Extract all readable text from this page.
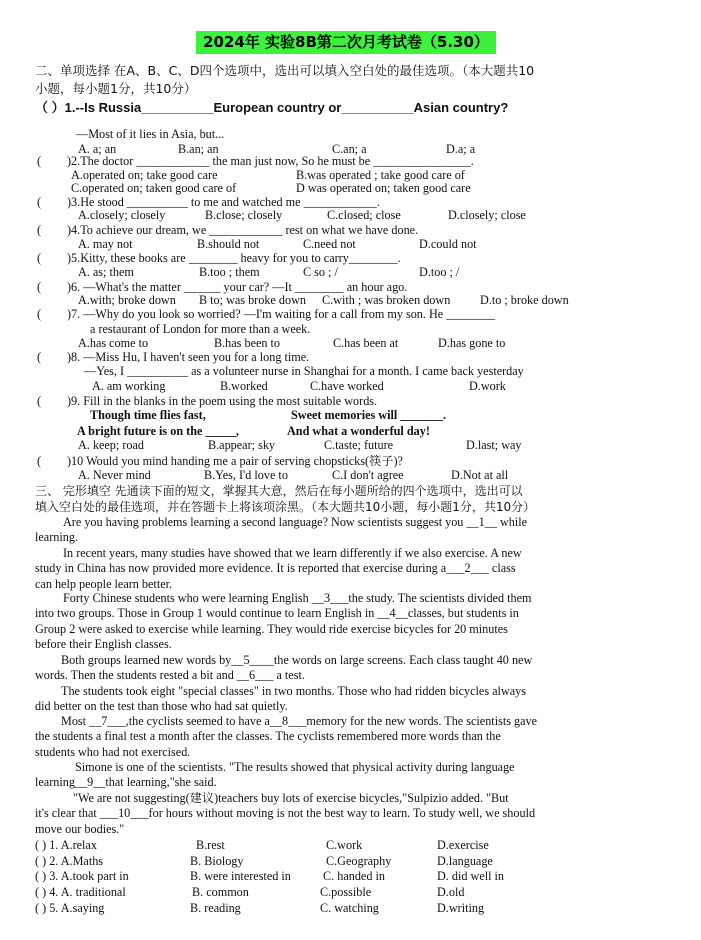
2024年 实验8B第二次月考试卷（5.30）
二、单项选择 在A、B、C、D四个选项中，选出可以填入空白处的最佳选项。（本大题共10
小题，每小题1分，共10分）
（ ）1.--Is Russia__________European country or__________Asian country?
—Most of it lies in Asia, but...
A. a; an	B.an; an	C.an; a	D.a; a
( )2.The doctor ____________ the man just now, So he must be ________________.
A.operated on; take good care	B.was operated ; take good care of
C.operated on; taken good care of	D was operated on; taken good care
( )3.He stood __________ to me and watched me ____________.
A.closely; closely	B.close; closely	C.closed; close	D.closely; close
( )4.To achieve our dream, we ____________ rest on what we have done.
A. may not	B.should not	C.need not	D.could not
( )5.Kitty, these books are ________ heavy for you to carry________.
A. as; them	B.too ; them	C so ; /	D.too ; /
( )6. —What's the matter ______ your car? —It ________ an hour ago.
A.with; broke down B to; was broke down C.with ; was broken down D.to ; broke down
( )7. —Why do you look so worried? —I'm waiting for a call from my son. He ________
a restaurant of London for more than a week.
A.has come to	B.has been to	C.has been at	D.has gone to
( )8. —Miss Hu, I haven't seen you for a long time.
—Yes, I __________ as a volunteer nurse in Shanghai for a month. I came back yesterday
A. am working	B.worked	C.have worked	D.work
( )9. Fill in the blanks in the poem using the most suitable words.
Though time flies fast,	Sweet memories will _______.
A bright future is on the _____,	And what a wonderful day!
A. keep; road	B.appear; sky	C.taste; future	D.last; way
( )10 Would you mind handing me a pair of serving chopsticks(筷子)?
A. Never mind	B.Yes, I'd love to	C.I don't agree	D.Not at all
三、 完形填空 先通读下面的短文，掌握其大意，然后在每小题所给的四个选项中，选出可以
填入空白处的最佳选项，并在答题卡上将该项涂黑。（本大题共10小题，每小题1分，共10分）
Are you having problems learning a second language? Now scientists suggest you __1__ while
learning.
In recent years, many studies have showed that we learn differently if we also exercise. A new
study in China has now provided more evidence. It is reported that exercise during a___2___ class
can help people learn better.
Forty Chinese students who were learning English __3___the study. The scientists divided them
into two groups. Those in Group 1 would continue to learn English in __4__classes, but students in
Group 2 were asked to exercise while learning. They would ride exercise bicycles for 20 minutes
before their English classes.
Both groups learned new words by__5____the words on large screens. Each class taught 40 new
words. Then the students rested a bit and __6___ a test.
The students took eight "special classes" in two months. Those who had ridden bicycles always
did better on the test than those who had sat quietly.
Most __7___,the cyclists seemed to have a__8___memory for the new words. The scientists gave
the students a final test a month after the classes. The cyclists remembered more words than the
students who had not exercised.
Simone is one of the scientists. "The results showed that physical activity during language
learning__9__that learning,"she said.
"We are not suggesting(建议)teachers buy lots of exercise bicycles,"Sulpizio added. "But
it's clear that ___10___for hours without moving is not the best way to learn. To study well, we should
move our bodies."
( ) 1. A.relax	B.rest	C.work	D.exercise
( ) 2. A.Maths	B. Biology	C.Geography	D.language
( ) 3. A.took part in	B. were interested in	C. handed in	D. did well in
( ) 4. A. traditional	B. common	C.possible	D.old
( ) 5. A.saying	B. reading	C. watching	D.writing
